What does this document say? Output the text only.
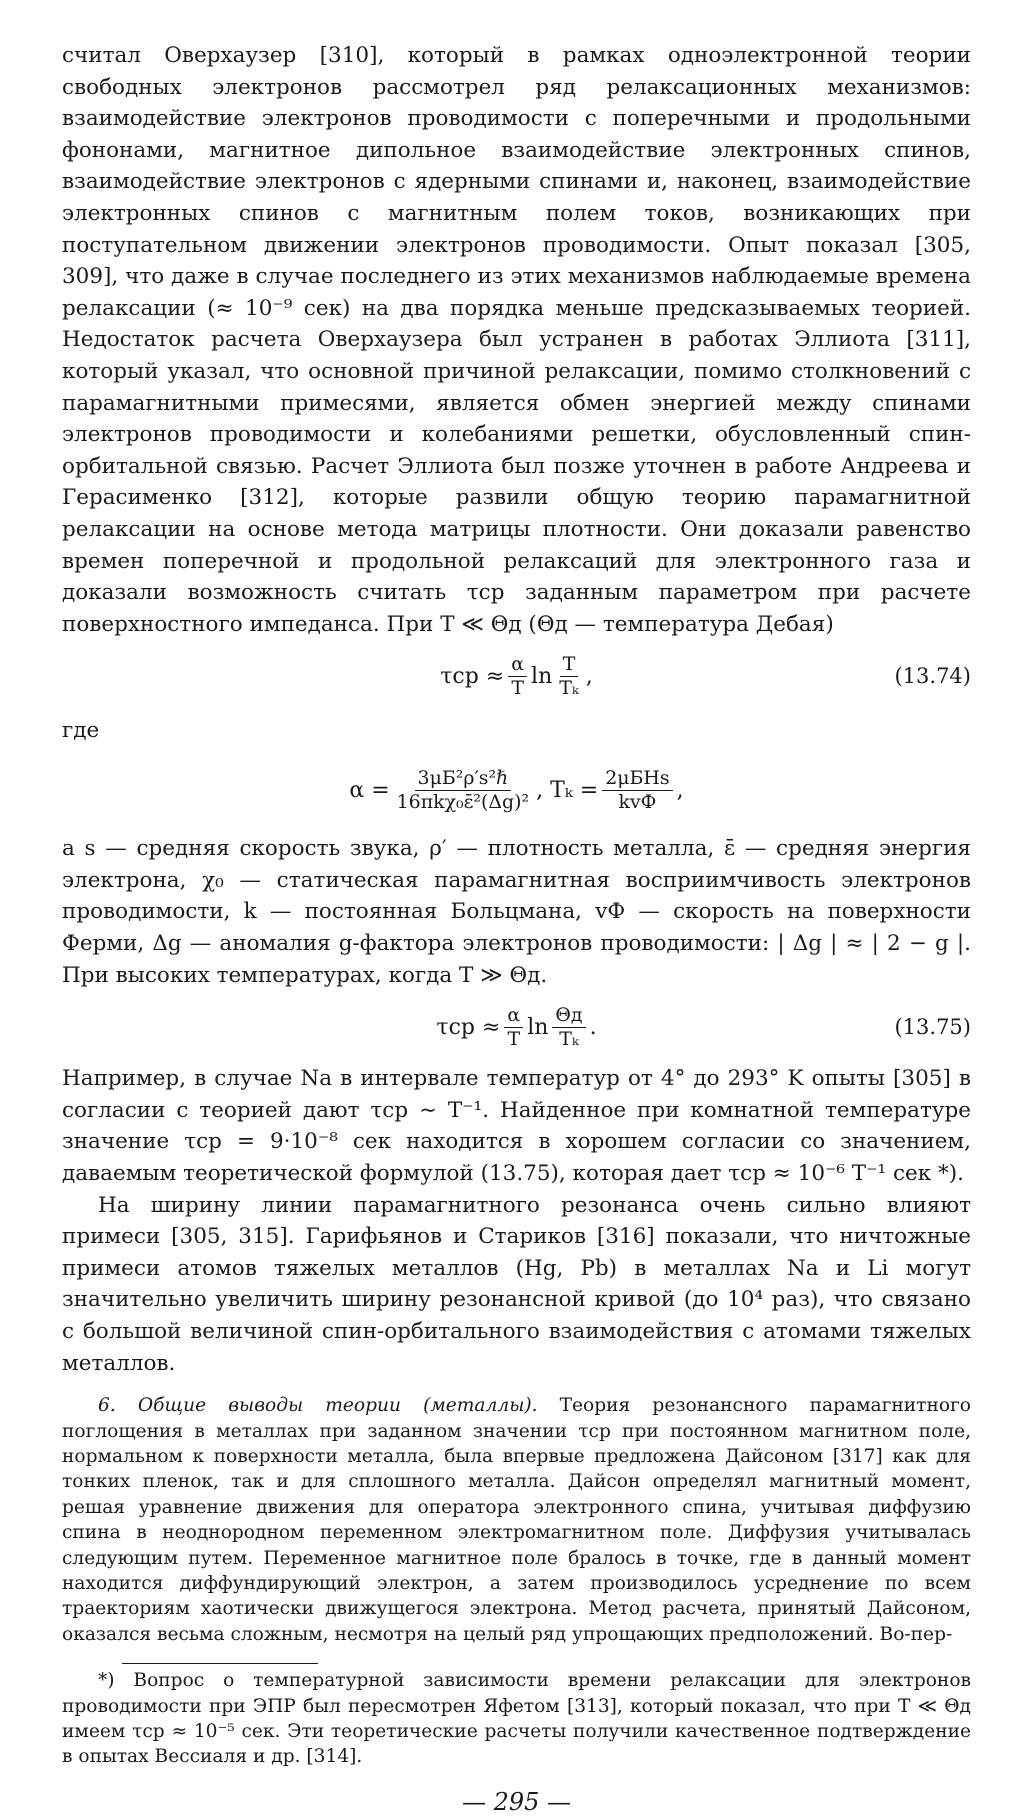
считал Оверхаузер [310], который в рамках одноэлектронной теории свободных электронов рассмотрел ряд релаксационных механизмов: взаимодействие электронов проводимости с поперечными и продольными фононами, магнитное дипольное взаимодействие электронных спинов, взаимодействие электронов с ядерными спинами и, наконец, взаимодействие электронных спинов с магнитным полем токов, возникающих при поступательном движении электронов проводимости. Опыт показал [305, 309], что даже в случае последнего из этих механизмов наблюдаемые времена релаксации (≈ 10⁻⁹ сек) на два порядка меньше предсказываемых теорией. Недостаток расчета Оверхаузера был устранен в работах Эллиота [311], который указал, что основной причиной релаксации, помимо столкновений с парамагнитными примесями, является обмен энергией между спинами электронов проводимости и колебаниями решетки, обусловленный спин-орбитальной связью. Расчет Эллиота был позже уточнен в работе Андреева и Герасименко [312], которые развили общую теорию парамагнитной релаксации на основе метода матрицы плотности. Они доказали равенство времен поперечной и продольной релаксаций для электронного газа и доказали возможность считать τср заданным параметром при расчете поверхностного импеданса. При T ≪ Θд (Θд — температура Дебая)

$\tau ср \approx \frac{\alpha}{T}$ $\ln \frac{T}{\text{Tₖ}}$ ,	(13.74)
где
$\alpha = \frac{\text{3μБ²ρ′s²ℏ}}{\text{16πkχ₀ε̄²(Δg)²}}$ , $T_k = \frac{\text{2μБHs}}{\text{kvФ}}$ ,

a s — средняя скорость звука, ρ′ — плотность металла, ε̄ — средняя энергия электрона, χ₀ — статическая парамагнитная восприимчивость электронов проводимости, k — постоянная Больцмана, vФ — скорость на поверхности Ферми, Δg — аномалия g-фактора электронов проводимости: | Δg | ≈ | 2 − g |. При высоких температурах, когда T ≫ Θд.

$\tau ср \approx \frac{\alpha}{T}$ $\ln \frac{\Theta д}{\text{Tₖ}}$ .	(13.75)

Например, в случае Na в интервале температур от 4° до 293° K опыты [305] в согласии с теорией дают τср ∼ T⁻¹. Найденное при комнатной температуре значение τср = 9·10⁻⁸ сек находится в хорошем согласии со значением, даваемым теоретической формулой (13.75), которая дает τср ≈ 10⁻⁶ T⁻¹ сек *).

На ширину линии парамагнитного резонанса очень сильно влияют примеси [305, 315]. Гарифьянов и Стариков [316] показали, что ничтожные примеси атомов тяжелых металлов (Hg, Pb) в металлах Na и Li могут значительно увеличить ширину резонансной кривой (до 10⁴ раз), что связано с большой величиной спин-орбитального взаимодействия с атомами тяжелых металлов.

6. Общие выводы теории (металлы). Теория резонансного парамагнитного поглощения в металлах при заданном значении τср при постоянном магнитном поле, нормальном к поверхности металла, была впервые предложена Дайсоном [317] как для тонких пленок, так и для сплошного металла. Дайсон определял магнитный момент, решая уравнение движения для оператора электронного спина, учитывая диффузию спина в неоднородном переменном электромагнитном поле. Диффузия учитывалась следующим путем. Переменное магнитное поле бралось в точке, где в данный момент находится диффундирующий электрон, а затем производилось усреднение по всем траекториям хаотически движущегося электрона. Метод расчета, принятый Дайсоном, оказался весьма сложным, несмотря на целый ряд упрощающих предположений. Во-пер-

*) Вопрос о температурной зависимости времени релаксации для электронов проводимости при ЭПР был пересмотрен Яфетом [313], который показал, что при T ≪ Θд имеем τср ≈ 10⁻⁵ сек. Эти теоретические расчеты получили качественное подтверждение в опытах Вессиаля и др. [314].

— 295 —
